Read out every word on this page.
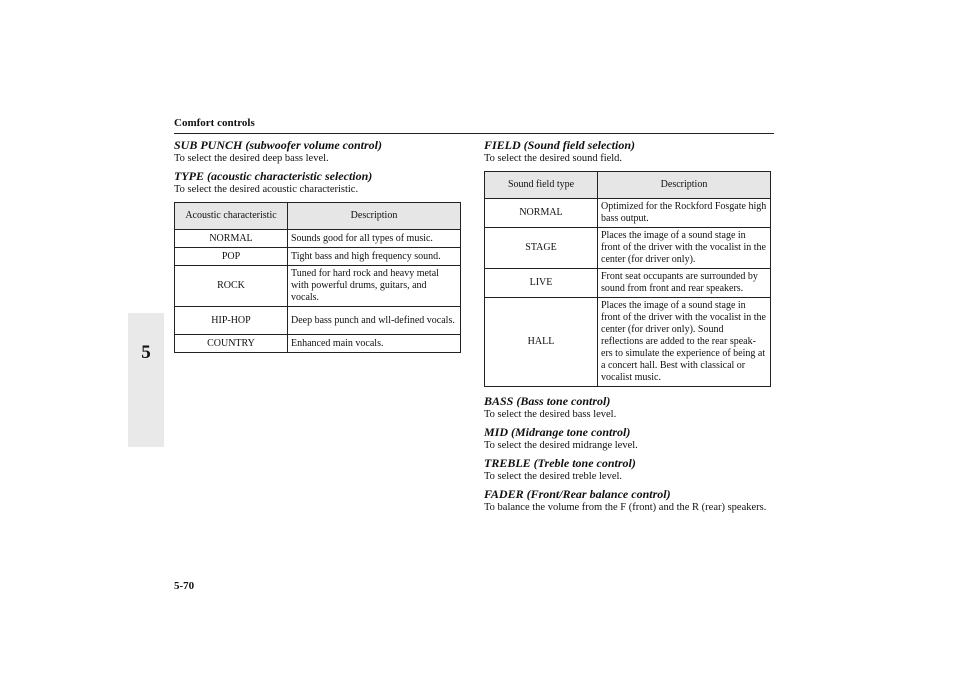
Comfort controls
5
SUB PUNCH (subwoofer volume control)

To select the desired deep bass level.

TYPE (acoustic characteristic selection)

To select the desired acoustic characteristic.

Acoustic characteristic	Description
NORMAL	Sounds good for all types of music.
POP	Tight bass and high frequency sound.
ROCK	Tuned for hard rock and heavy metal with powerful drums, guitars, and vocals.
HIP-HOP	Deep bass punch and wll-defined vocals.
COUNTRY	Enhanced main vocals.
FIELD (Sound field selection)

To select the desired sound field.

Sound field type	Description
NORMAL	Optimized for the Rockford Fosgate high bass output.
STAGE	Places the image of a sound stage in front of the driver with the vocalist in the center (for driver only).
LIVE	Front seat occupants are surrounded by sound from front and rear speakers.
HALL	Places the image of a sound stage in front of the driver with the vocalist in the center (for driver only). Sound reflections are added to the rear speak-ers to simulate the experience of being at a concert hall. Best with classical or vocalist music.
BASS (Bass tone control)

To select the desired bass level.

MID (Midrange tone control)

To select the desired midrange level.

TREBLE (Treble tone control)

To select the desired treble level.

FADER (Front/Rear balance control)

To balance the volume from the F (front) and the R (rear) speakers.

5-70
